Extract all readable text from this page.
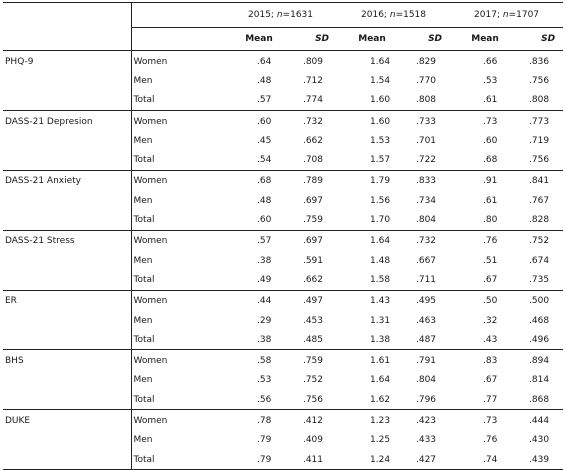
		2015; n=1631		2016; n=1518		2017; n=1707	
		Mean	SD	Mean	SD	Mean	SD
PHQ-9	Women	.64	.809	1.64	.829	.66	.836
	Men	.48	.712	1.54	.770	.53	.756
	Total	.57	.774	1.60	.808	.61	.808
DASS-21 Depresion	Women	.60	.732	1.60	.733	.73	.773
	Men	.45	.662	1.53	.701	.60	.719
	Total	.54	.708	1.57	.722	.68	.756
DASS-21 Anxiety	Women	.68	.789	1.79	.833	.91	.841
	Men	.48	.697	1.56	.734	.61	.767
	Total	.60	.759	1.70	.804	.80	.828
DASS-21 Stress	Women	.57	.697	1.64	.732	.76	.752
	Men	.38	.591	1.48	.667	.51	.674
	Total	.49	.662	1.58	.711	.67	.735
ER	Women	.44	.497	1.43	.495	.50	.500
	Men	.29	.453	1.31	.463	.32	.468
	Total	.38	.485	1.38	.487	.43	.496
BHS	Women	.58	.759	1.61	.791	.83	.894
	Men	.53	.752	1.64	.804	.67	.814
	Total	.56	.756	1.62	.796	.77	.868
DUKE	Women	.78	.412	1.23	.423	.73	.444
	Men	.79	.409	1.25	.433	.76	.430
	Total	.79	.411	1.24	.427	.74	.439
